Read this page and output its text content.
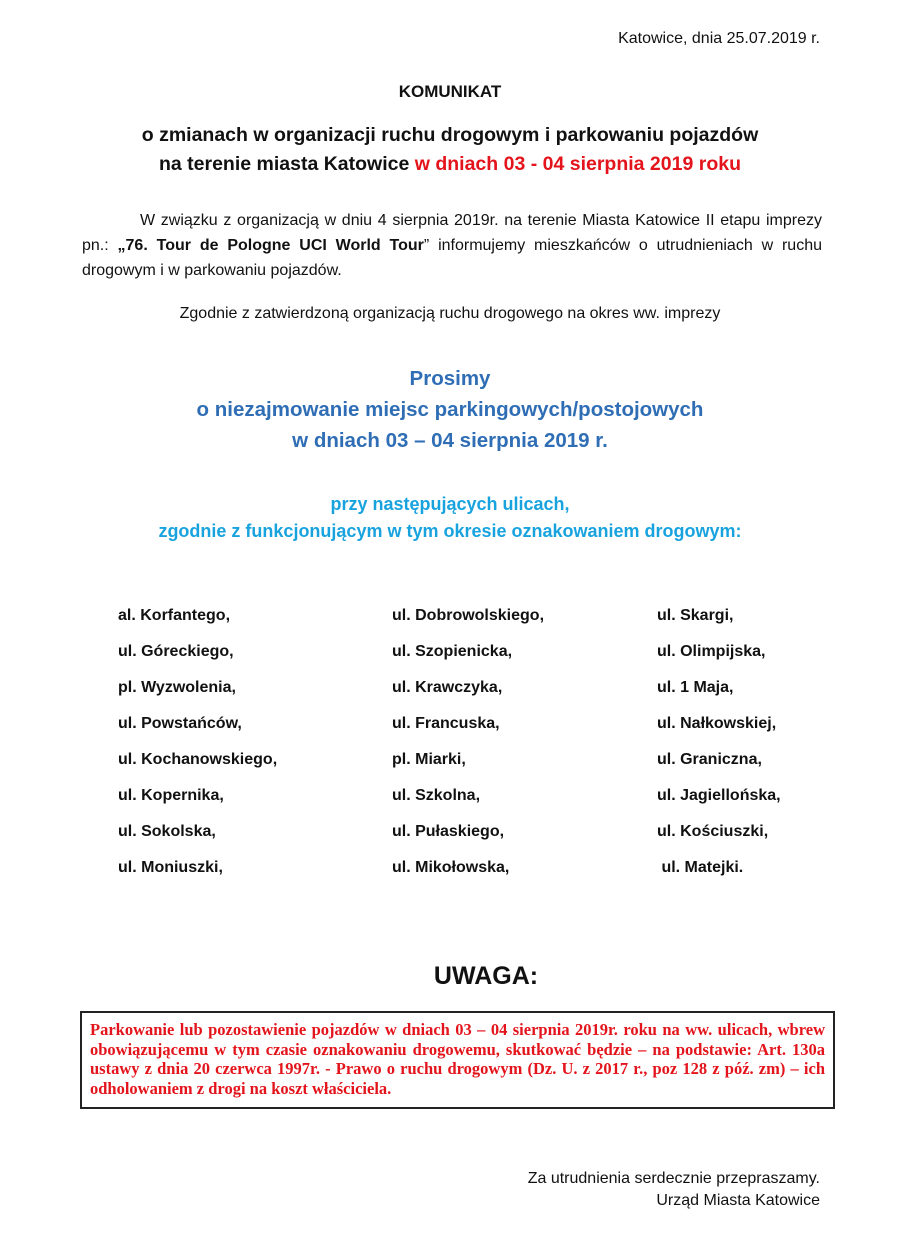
Katowice, dnia 25.07.2019 r.
KOMUNIKAT
o zmianach w organizacji ruchu drogowym i parkowaniu pojazdów
na terenie miasta Katowice w dniach 03 - 04 sierpnia 2019 roku
W związku z organizacją w dniu 4 sierpnia 2019r. na terenie Miasta Katowice II etapu imprezy pn.: „76. Tour de Pologne UCI World Tour” informujemy mieszkańców o utrudnieniach w ruchu drogowym i w parkowaniu pojazdów.
Zgodnie z zatwierdzoną organizacją ruchu drogowego na okres ww. imprezy
Prosimy
o niezajmowanie miejsc parkingowych/postojowych
w dniach 03 – 04 sierpnia 2019 r.
przy następujących ulicach,
zgodnie z funkcjonującym w tym okresie oznakowaniem drogowym:
al. Korfantego,
ul. Góreckiego,
pl. Wyzwolenia,
ul. Powstańców,
ul. Kochanowskiego,
ul. Kopernika,
ul. Sokolska,
ul. Moniuszki,
ul. Dobrowolskiego,
ul. Szopienicka,
ul. Krawczyka,
ul. Francuska,
pl. Miarki,
ul. Szkolna,
ul. Pułaskiego,
ul. Mikołowska,
ul. Skargi,
ul. Olimpijska,
ul. 1 Maja,
ul. Nałkowskiej,
ul. Graniczna,
ul. Jagiellońska,
ul. Kościuszki,
ul. Matejki.
UWAGA:
Parkowanie lub pozostawienie pojazdów w dniach 03 – 04 sierpnia 2019r. roku na ww. ulicach, wbrew obowiązującemu w tym czasie oznakowaniu drogowemu, skutkować będzie – na podstawie: Art. 130a ustawy z dnia 20 czerwca 1997r. - Prawo o ruchu drogowym (Dz. U. z 2017 r., poz 128 z póź. zm) – ich odholowaniem z drogi na koszt właściciela.
Za utrudnienia serdecznie przepraszamy.
Urząd Miasta Katowice
